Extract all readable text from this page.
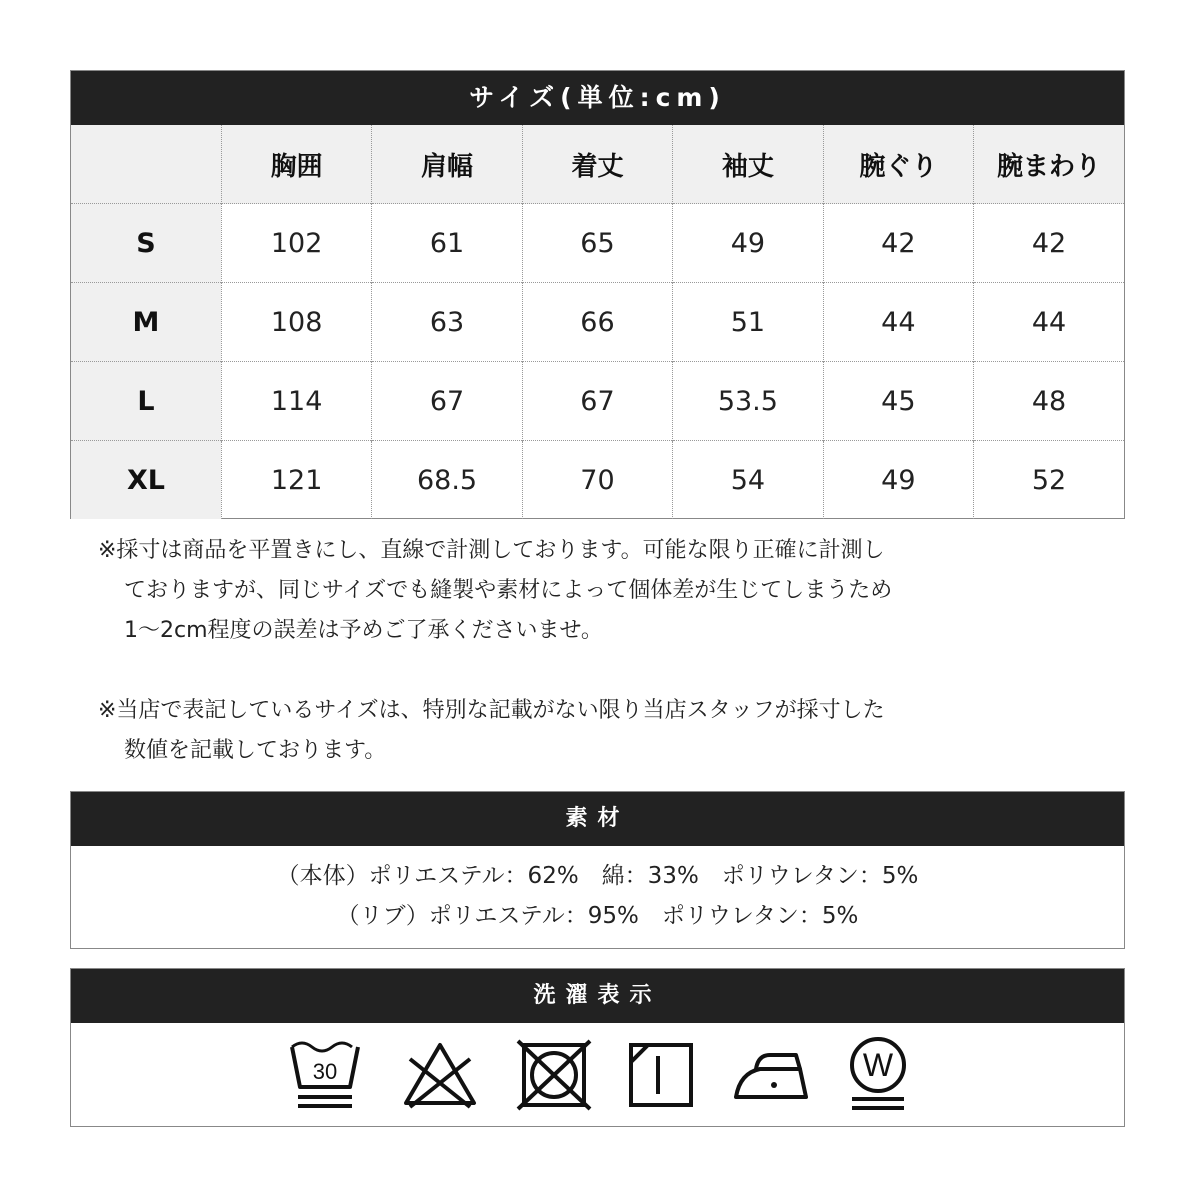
サイズ(単位:cm)
	胸囲	肩幅	着丈	袖丈	腕ぐり	腕まわり
S	102	61	65	49	42	42
M	108	63	66	51	44	44
L	114	67	67	53.5	45	48
XL	121	68.5	70	54	49	52

※採寸は商品を平置きにし、直線で計測しております。可能な限り正確に計測し

ておりますが、同じサイズでも縫製や素材によって個体差が生じてしまうため

1〜2cm程度の誤差は予めご了承くださいませ。

※当店で表記しているサイズは、特別な記載がない限り当店スタッフが採寸した

数値を記載しております。

素材
（本体）ポリエステル：62%　綿：33%　ポリウレタン：5%
（リブ）ポリエステル：95%　ポリウレタン：5%
洗濯表示
30	W
